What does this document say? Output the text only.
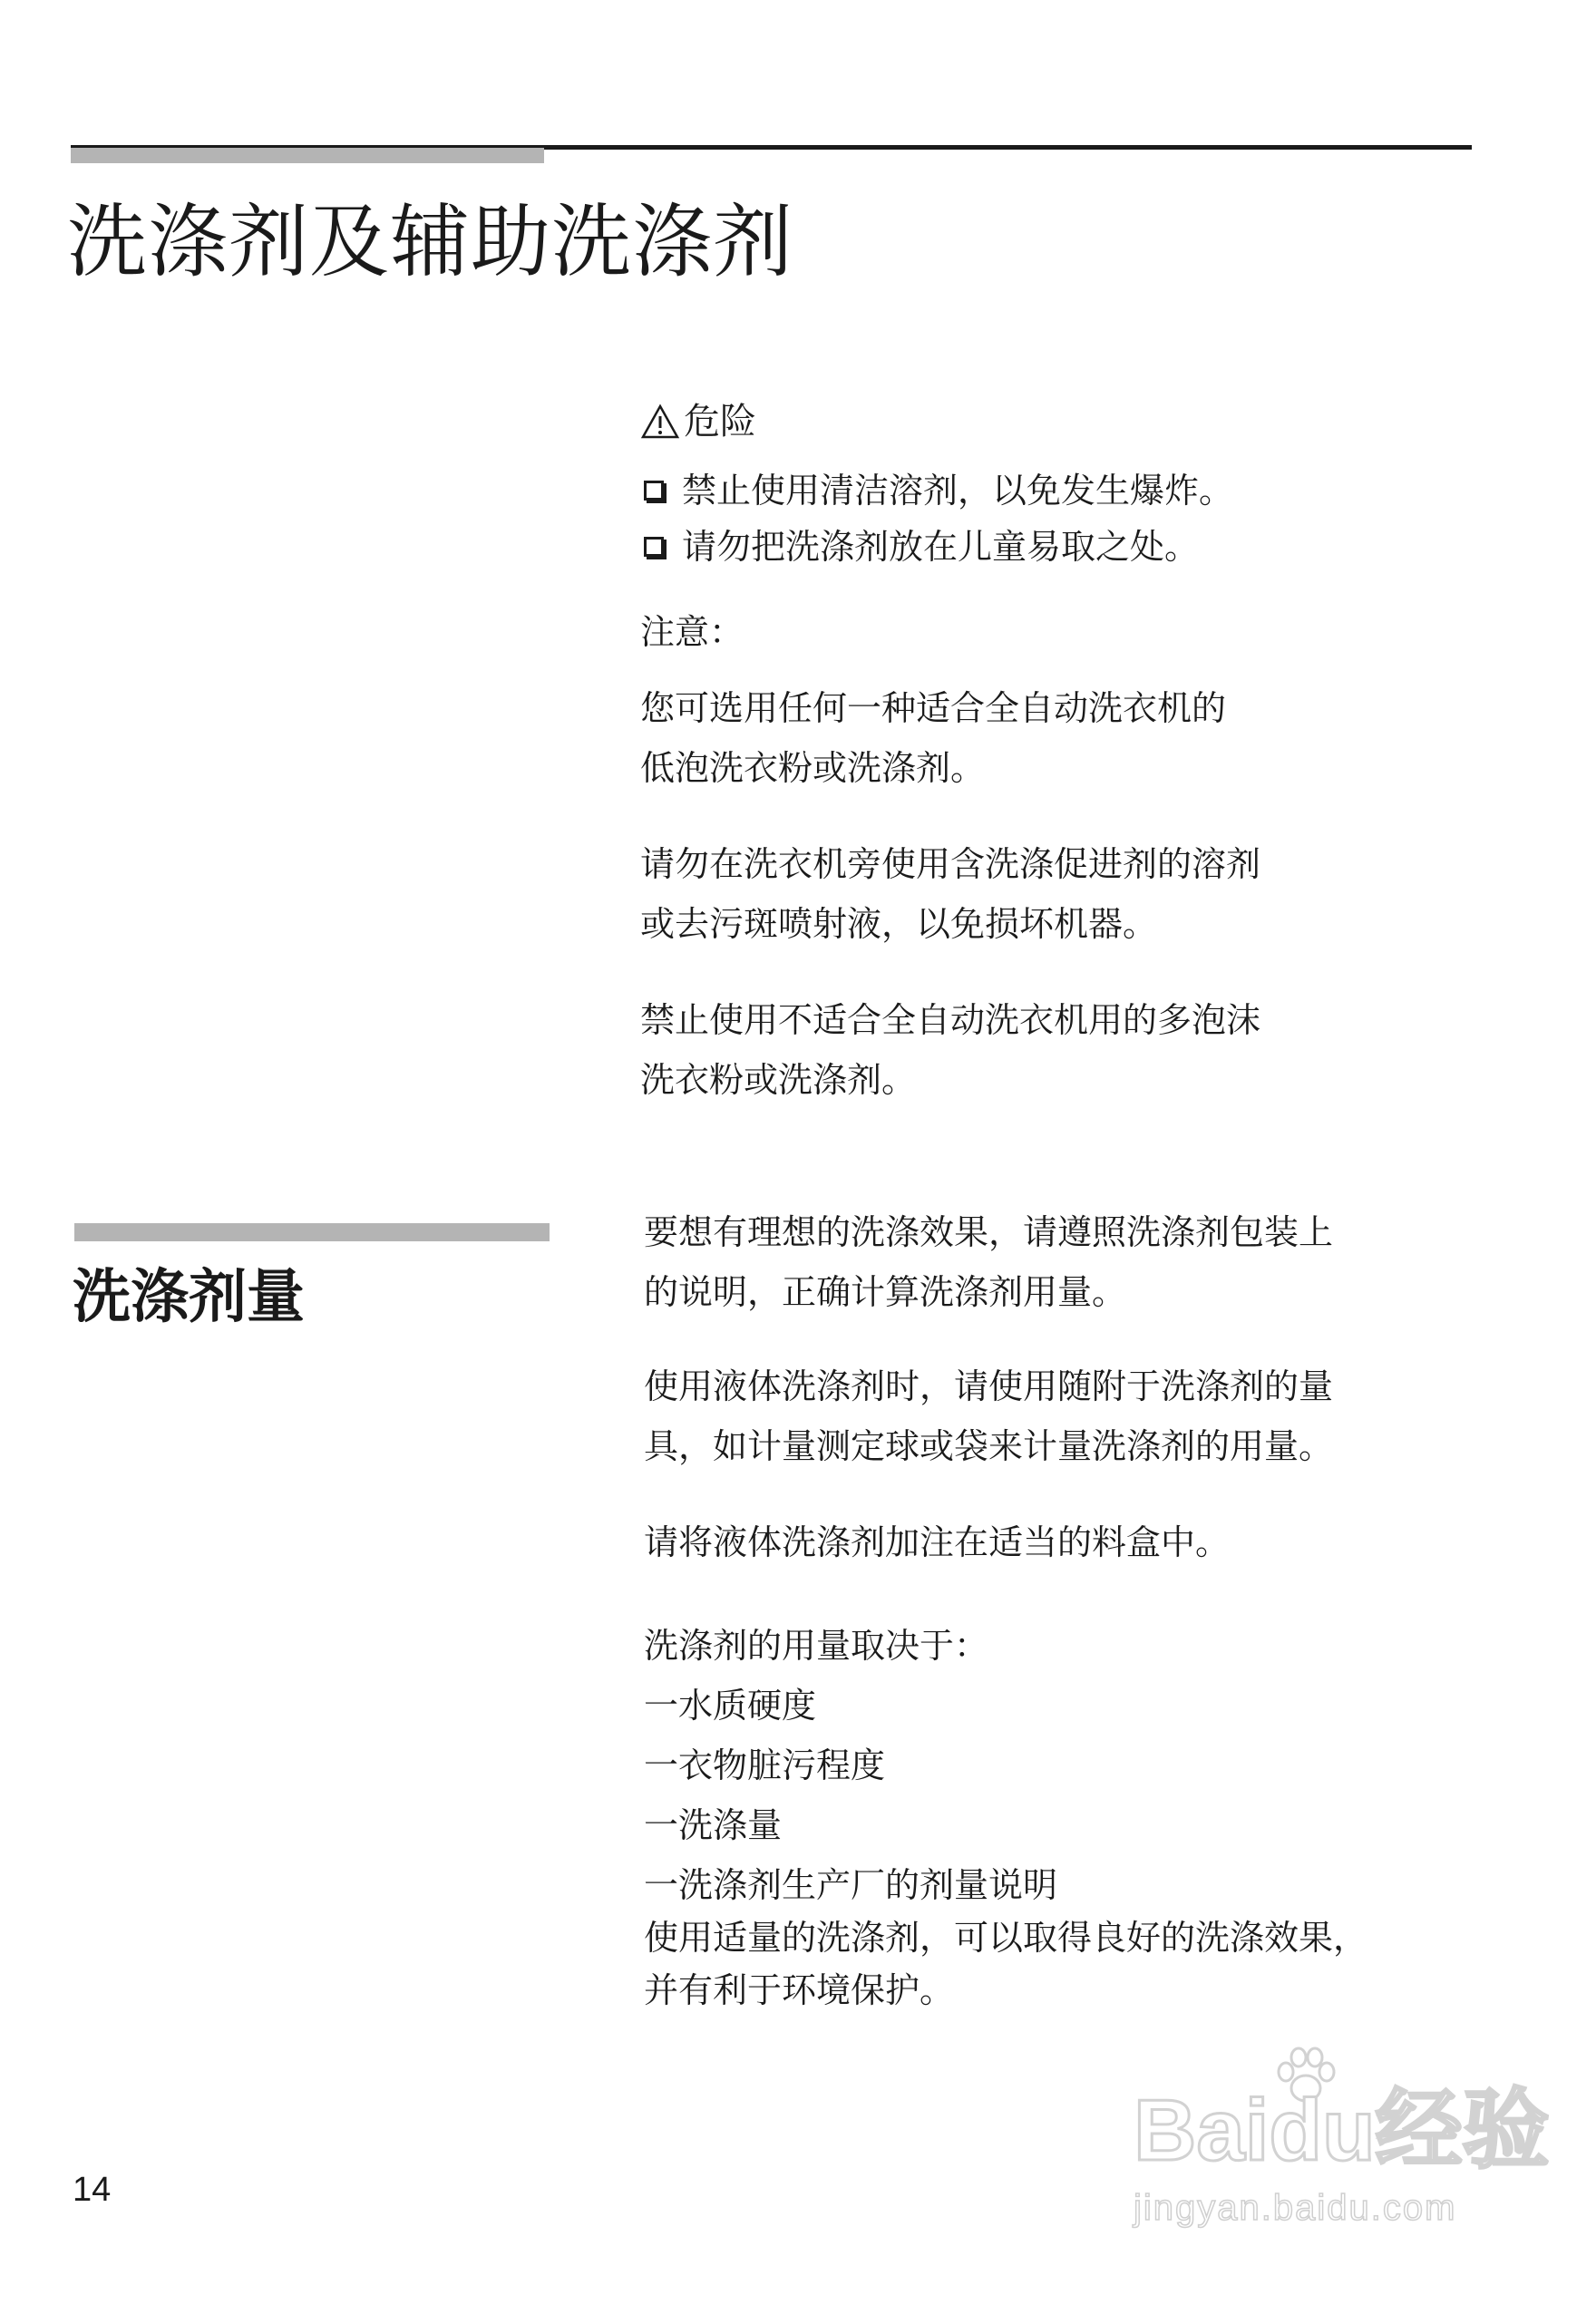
洗涤剂及辅助洗涤剂
危险
禁止使用清洁溶剂，以免发生爆炸。
请勿把洗涤剂放在儿童易取之处。
注意：
您可选用任何一种适合全自动洗衣机的
低泡洗衣粉或洗涤剂。
请勿在洗衣机旁使用含洗涤促进剂的溶剂
或去污斑喷射液，以免损坏机器。
禁止使用不适合全自动洗衣机用的多泡沫
洗衣粉或洗涤剂。
洗涤剂量
要想有理想的洗涤效果，请遵照洗涤剂包装上
的说明，正确计算洗涤剂用量。
使用液体洗涤剂时，请使用随附于洗涤剂的量
具，如计量测定球或袋来计量洗涤剂的用量。
请将液体洗涤剂加注在适当的料盒中。
洗涤剂的用量取决于：
一水质硬度
一衣物脏污程度
一洗涤量
一洗涤剂生产厂的剂量说明
使用适量的洗涤剂，可以取得良好的洗涤效果，
并有利于环境保护。
14
Baidu经验
jingyan.baidu.com
